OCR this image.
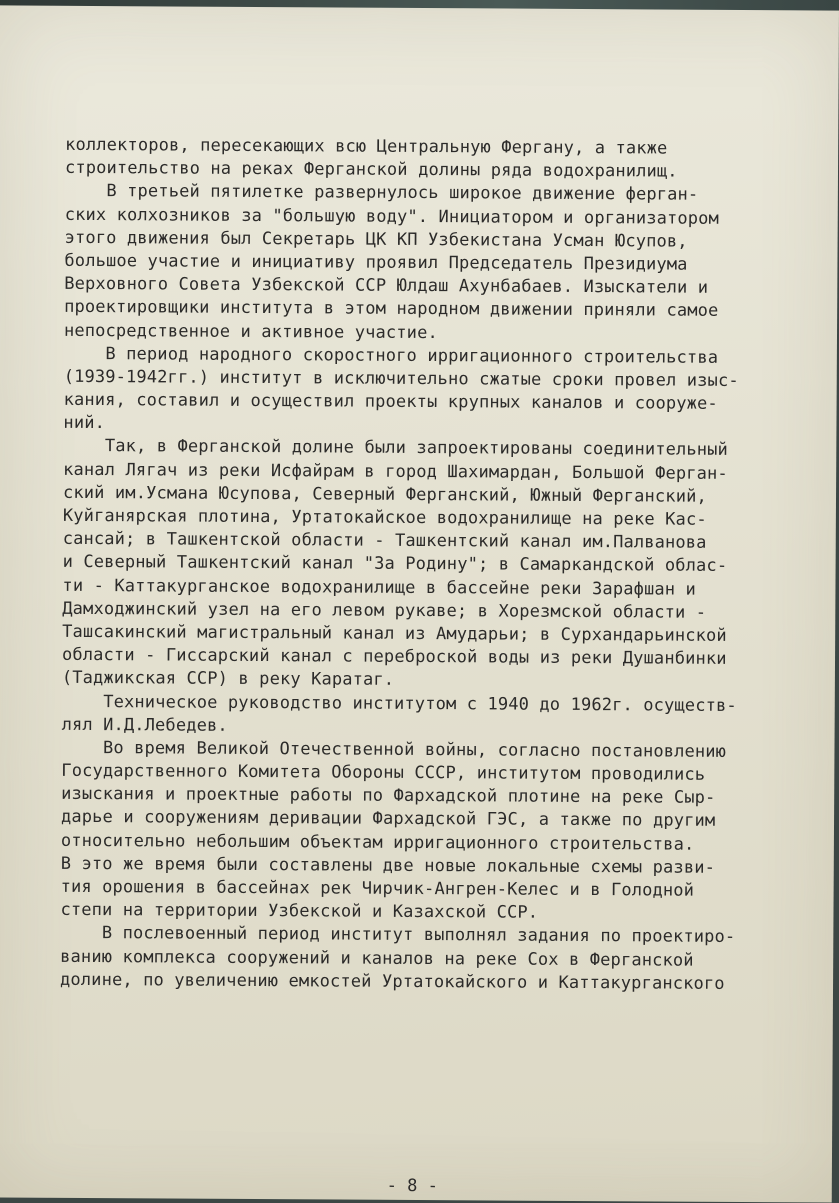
коллекторов, пересекающих всю Центральную Фергану, а также
строительство на реках Ферганской долины ряда водохранилищ.
В третьей пятилетке развернулось широкое движение ферган-
ских колхозников за "большую воду". Инициатором и организатором
этого движения был Секретарь ЦК КП Узбекистана Усман Юсупов,
большое участие и инициативу проявил Председатель Президиума
Верховного Совета Узбекской ССР Юлдаш Ахунбабаев. Изыскатели и
проектировщики института в этом народном движении приняли самое
непосредственное и активное участие.
В период народного скоростного ирригационного строительства
(1939-1942гг.) институт в исключительно сжатые сроки провел изыс-
кания, составил и осуществил проекты крупных каналов и сооруже-
ний.
Так, в Ферганской долине были запроектированы соединительный
канал Лягач из реки Исфайрам в город Шахимардан, Большой Ферган-
ский им.Усмана Юсупова, Северный Ферганский, Южный Ферганский,
Куйганярская плотина, Уртатокайское водохранилище на реке Кас-
сансай; в Ташкентской области - Ташкентский канал им.Палванова
и Северный Ташкентский канал "За Родину"; в Самаркандской облас-
ти - Каттакурганское водохранилище в бассейне реки Зарафшан и
Дамходжинский узел на его левом рукаве; в Хорезмской области -
Ташсакинский магистральный канал из Амударьи; в Сурхандарьинской
области - Гиссарский канал с переброской воды из реки Душанбинки
(Таджикская ССР) в реку Каратаг.
Техническое руководство институтом с 1940 до 1962г. осуществ-
лял И.Д.Лебедев.
Во время Великой Отечественной войны, согласно постановлению
Государственного Комитета Обороны СССР, институтом проводились
изыскания и проектные работы по Фархадской плотине на реке Сыр-
дарье и сооружениям деривации Фархадской ГЭС, а также по другим
относительно небольшим объектам ирригационного строительства.
В это же время были составлены две новые локальные схемы разви-
тия орошения в бассейнах рек Чирчик-Ангрен-Келес и в Голодной
степи на территории Узбекской и Казахской ССР.
В послевоенный период институт выполнял задания по проектиро-
ванию комплекса сооружений и каналов на реке Сох в Ферганской
долине, по увеличению емкостей Уртатокайского и Каттакурганского
- 8 -
